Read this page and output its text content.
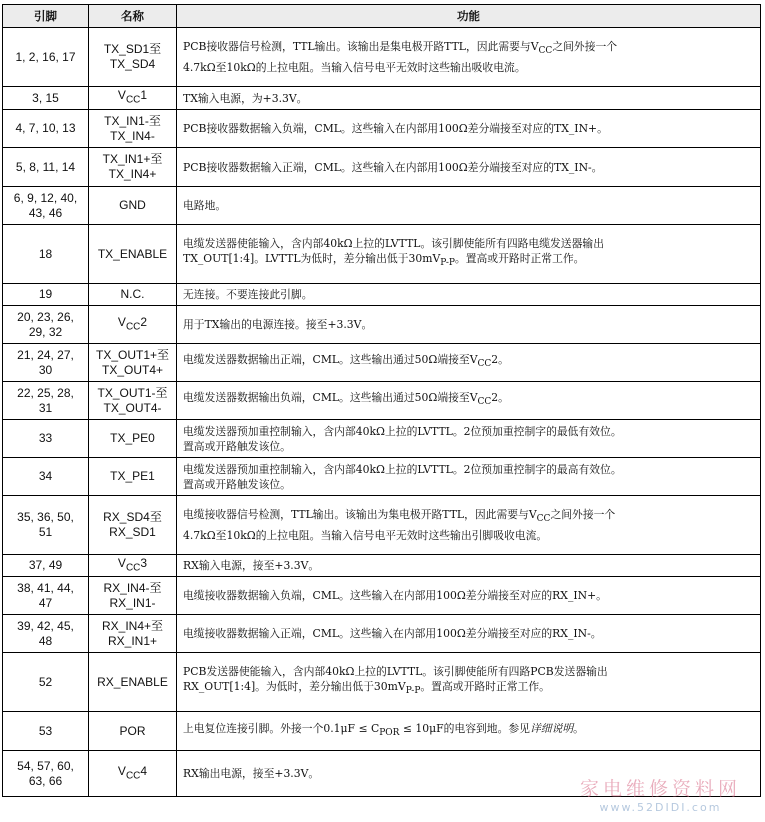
引脚	名称	功能

1, 2, 16, 17	TX_SD1至
TX_SD4	PCB接收器信号检测，TTL输出。该输出是集电极开路TTL，因此需要与$V_{CC}$之间外接一个
4.7kΩ至10kΩ的上拉电阻。当输入信号电平无效时这些输出吸收电流。

3, 15	$V_{CC}1$	TX输入电源，为+3.3V。

4, 7, 10, 13	TX_IN1-至
TX_IN4-	PCB接收器数据输入负端，CML。这些输入在内部用100Ω差分端接至对应的TX_IN+。

5, 8, 11, 14	TX_IN1+至
TX_IN4+	PCB接收器数据输入正端，CML。这些输入在内部用100Ω差分端接至对应的TX_IN-。

6, 9, 12, 40,
43, 46	GND	电路地。

18	TX_ENABLE	电缆发送器使能输入，含内部40kΩ上拉的LVTTL。该引脚使能所有四路电缆发送器输出
TX_OUT[1:4]。LVTTL为低时，差分输出低于$30mV_{P-P}$。置高或开路时正常工作。

19	N.C.	无连接。不要连接此引脚。

20, 23, 26,
29, 32	$V_{CC}2$	用于TX输出的电源连接。接至+3.3V。

21, 24, 27,
30	TX_OUT1+至
TX_OUT4+	电缆发送器数据输出正端，CML。这些输出通过50Ω端接至$V_{CC}2$。

22, 25, 28,
31	TX_OUT1-至
TX_OUT4-	电缆发送器数据输出负端，CML。这些输出通过50Ω端接至$V_{CC}2$。

33	TX_PE0	电缆发送器预加重控制输入，含内部40kΩ上拉的LVTTL。2位预加重控制字的最低有效位。
置高或开路触发该位。

34	TX_PE1	电缆发送器预加重控制输入，含内部40kΩ上拉的LVTTL。2位预加重控制字的最高有效位。
置高或开路触发该位。

35, 36, 50,
51	RX_SD4至
RX_SD1	电缆接收器信号检测，TTL输出。该输出为集电极开路TTL，因此需要与$V_{CC}$之间外接一个
4.7kΩ至10kΩ的上拉电阻。当输入信号电平无效时这些输出引脚吸收电流。

37, 49	$V_{CC}3$	RX输入电源，接至+3.3V。

38, 41, 44,
47	RX_IN4-至
RX_IN1-	电缆接收器数据输入负端，CML。这些输入在内部用100Ω差分端接至对应的RX_IN+。

39, 42, 45,
48	RX_IN4+至
RX_IN1+	电缆接收器数据输入正端，CML。这些输入在内部用100Ω差分端接至对应的RX_IN-。

52	RX_ENABLE	PCB发送器使能输入，含内部40kΩ上拉的LVTTL。该引脚使能所有四路PCB发送器输出
RX_OUT[1:4]。为低时，差分输出低于$30mV_{P-P}$。置高或开路时正常工作。

53	POR	上电复位连接引脚。外接一个$0.1\mu F \le C_{POR} \le 10\mu F$的电容到地。参见详细说明。

54, 57, 60,
63, 66	$V_{CC}4$	RX输出电源，接至+3.3V。
家电维修资料网
www.52DIDI.com
